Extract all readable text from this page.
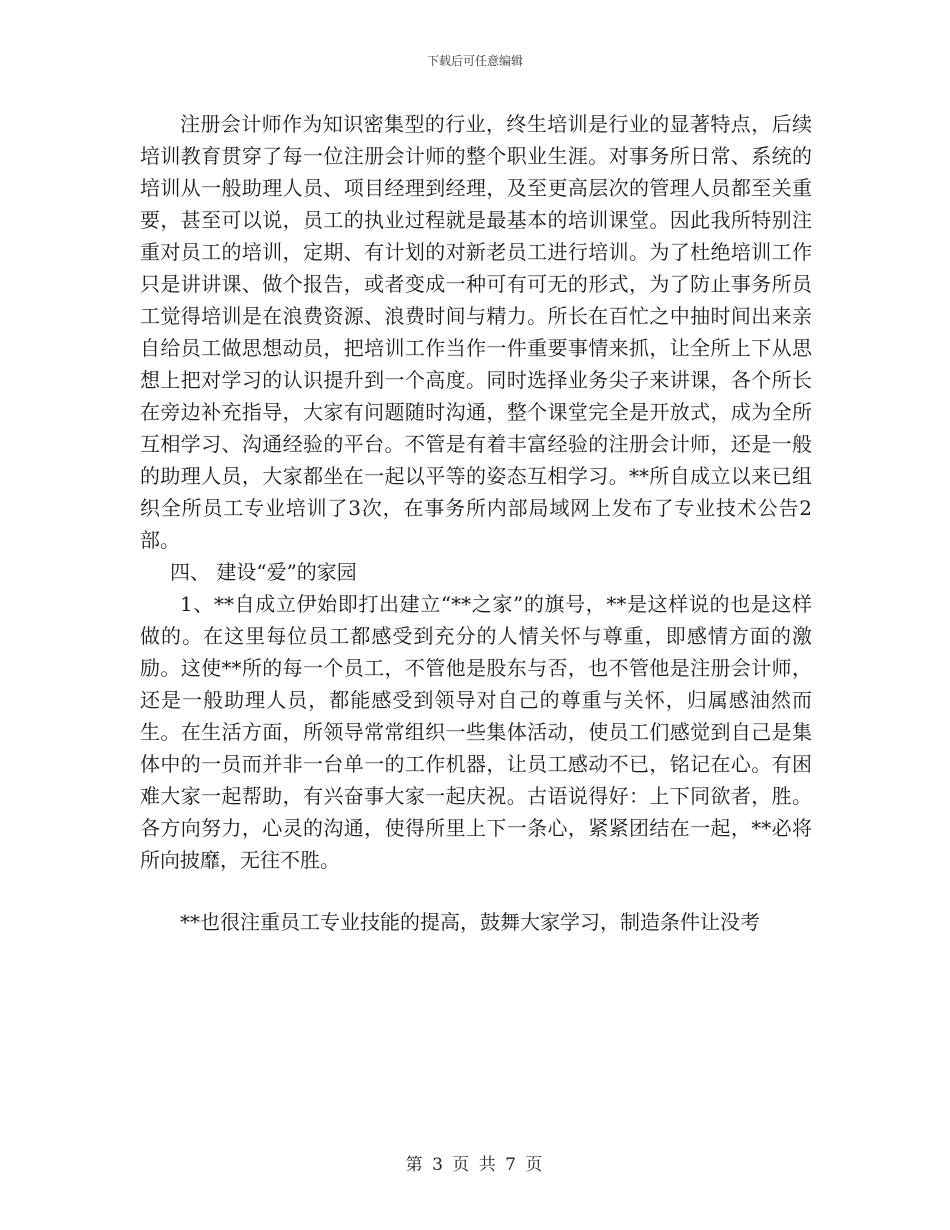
下载后可任意编辑

注册会计师作为知识密集型的行业，终生培训是行业的显著特点，后续培训教育贯穿了每一位注册会计师的整个职业生涯。对事务所日常、系统的培训从一般助理人员、项目经理到经理，及至更高层次的管理人员都至关重要，甚至可以说，员工的执业过程就是最基本的培训课堂。因此我所特别注重对员工的培训，定期、有计划的对新老员工进行培训。为了杜绝培训工作只是讲讲课、做个报告，或者变成一种可有可无的形式，为了防止事务所员工觉得培训是在浪费资源、浪费时间与精力。所长在百忙之中抽时间出来亲自给员工做思想动员，把培训工作当作一件重要事情来抓，让全所上下从思想上把对学习的认识提升到一个高度。同时选择业务尖子来讲课，各个所长在旁边补充指导，大家有问题随时沟通，整个课堂完全是开放式，成为全所互相学习、沟通经验的平台。不管是有着丰富经验的注册会计师，还是一般的助理人员，大家都坐在一起以平等的姿态互相学习。**所自成立以来已组织全所员工专业培训了3次，在事务所内部局域网上发布了专业技术公告2部。

四、 建设“爱”的家园

1、**自成立伊始即打出建立“**之家”的旗号，**是这样说的也是这样做的。在这里每位员工都感受到充分的人情关怀与尊重，即感情方面的激励。这使**所的每一个员工，不管他是股东与否，也不管他是注册会计师，还是一般助理人员，都能感受到领导对自己的尊重与关怀，归属感油然而生。在生活方面，所领导常常组织一些集体活动，使员工们感觉到自己是集体中的一员而并非一台单一的工作机器，让员工感动不已，铭记在心。有困难大家一起帮助，有兴奋事大家一起庆祝。古语说得好：上下同欲者，胜。各方向努力，心灵的沟通，使得所里上下一条心，紧紧团结在一起，**必将所向披靡，无往不胜。

**也很注重员工专业技能的提高，鼓舞大家学习，制造条件让没考

第 3 页 共 7 页
